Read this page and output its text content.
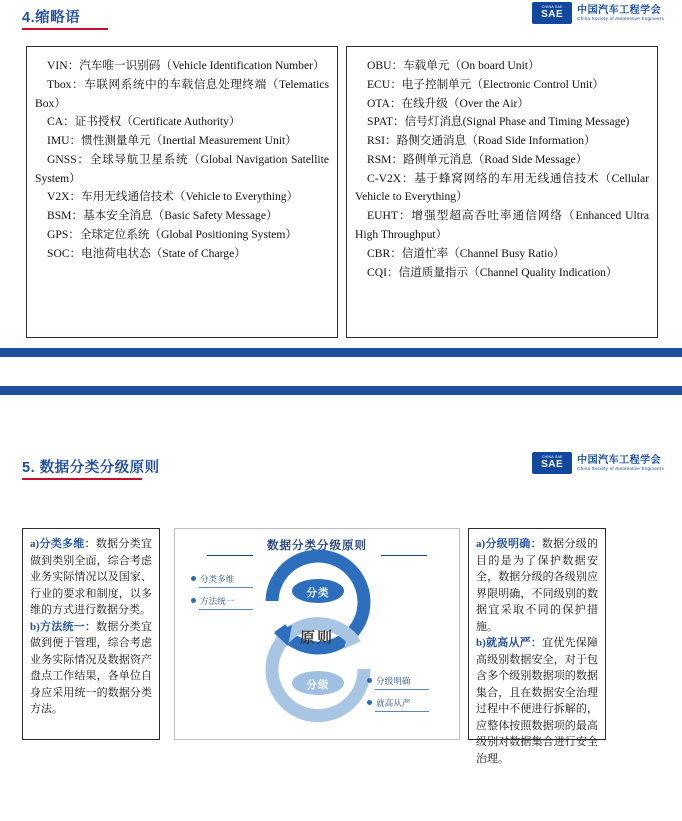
4.缩略语
CHINA SAE
SAE 中国汽车工程学会
China Society of Automotive Engineers
VIN：汽车唯一识别码（Vehicle Identification Number）
Tbox：车联网系统中的车载信息处理终端（Telematics Box）
CA：证书授权（Certificate Authority）
IMU：惯性测量单元（Inertial Measurement Unit）
GNSS：全球导航卫星系统（Global Navigation Satellite System）
V2X：车用无线通信技术（Vehicle to Everything）
BSM：基本安全消息（Basic Safety Message）
GPS：全球定位系统（Global Positioning System）
SOC：电池荷电状态（State of Charge）
OBU：车载单元（On board Unit）
ECU：电子控制单元（Electronic Control Unit）
OTA：在线升级（Over the Air）
SPAT：信号灯消息(Signal Phase and Timing Message)
RSI：路侧交通消息（Road Side Information）
RSM：路侧单元消息（Road Side Message）
C-V2X：基于蜂窝网络的车用无线通信技术（Cellular Vehicle to Everything）
EUHT：增强型超高吞吐率通信网络（Enhanced Ultra High Throughput）
CBR：信道忙率（Channel Busy Ratio）
CQI：信道质量指示（Channel Quality Indication）
5. 数据分类分级原则
CHINA SAE
SAE 中国汽车工程学会
China Society of Automotive Engineers

a)分类多维：数据分类宜做到类别全面，综合考虑业务实际情况以及国家、行业的要求和制度，以多维的方式进行数据分类。

b)方法统一：数据分类宜做到便于管理，综合考虑业务实际情况及数据资产盘点工作结果，各单位自身应采用统一的数据分类方法。

数据分类分级原则
原则
分类
分级
分类多维
方法统一
分级明确
就高从严

a)分级明确：数据分级的目的是为了保护数据安全，数据分级的各级别应界限明确，不同级别的数据宜采取不同的保护措施。

b)就高从严：宜优先保障高级别数据安全，对于包含多个级别数据项的数据集合，且在数据安全治理过程中不便进行拆解的，应整体按照数据项的最高级别对数据集合进行安全治理。
